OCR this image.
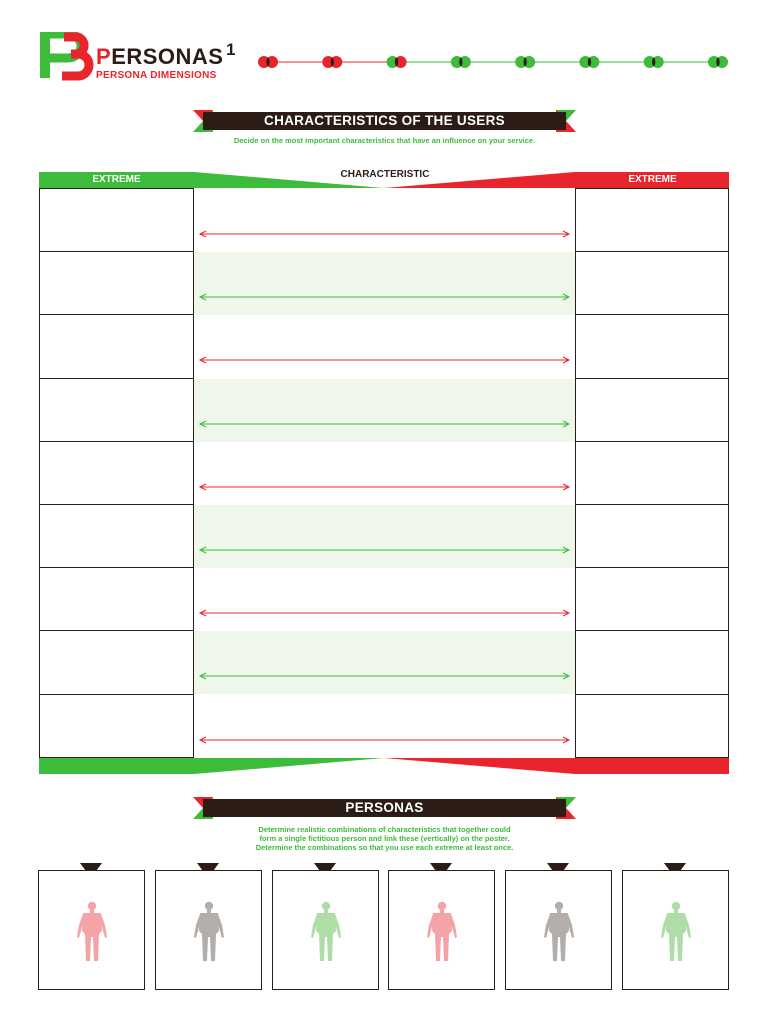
PERSONAS
PERSONA DIMENSIONS
1
CHARACTERISTICS OF THE USERS
Decide on the most important characteristics that have an influence on your service.
EXTREME	EXTREME
CHARACTERISTIC
PERSONAS
Determine realistic combinations of characteristics that together could
form a single fictitious person and link these (vertically) on the poster.
Determine the combinations so that you use each extreme at least once.
